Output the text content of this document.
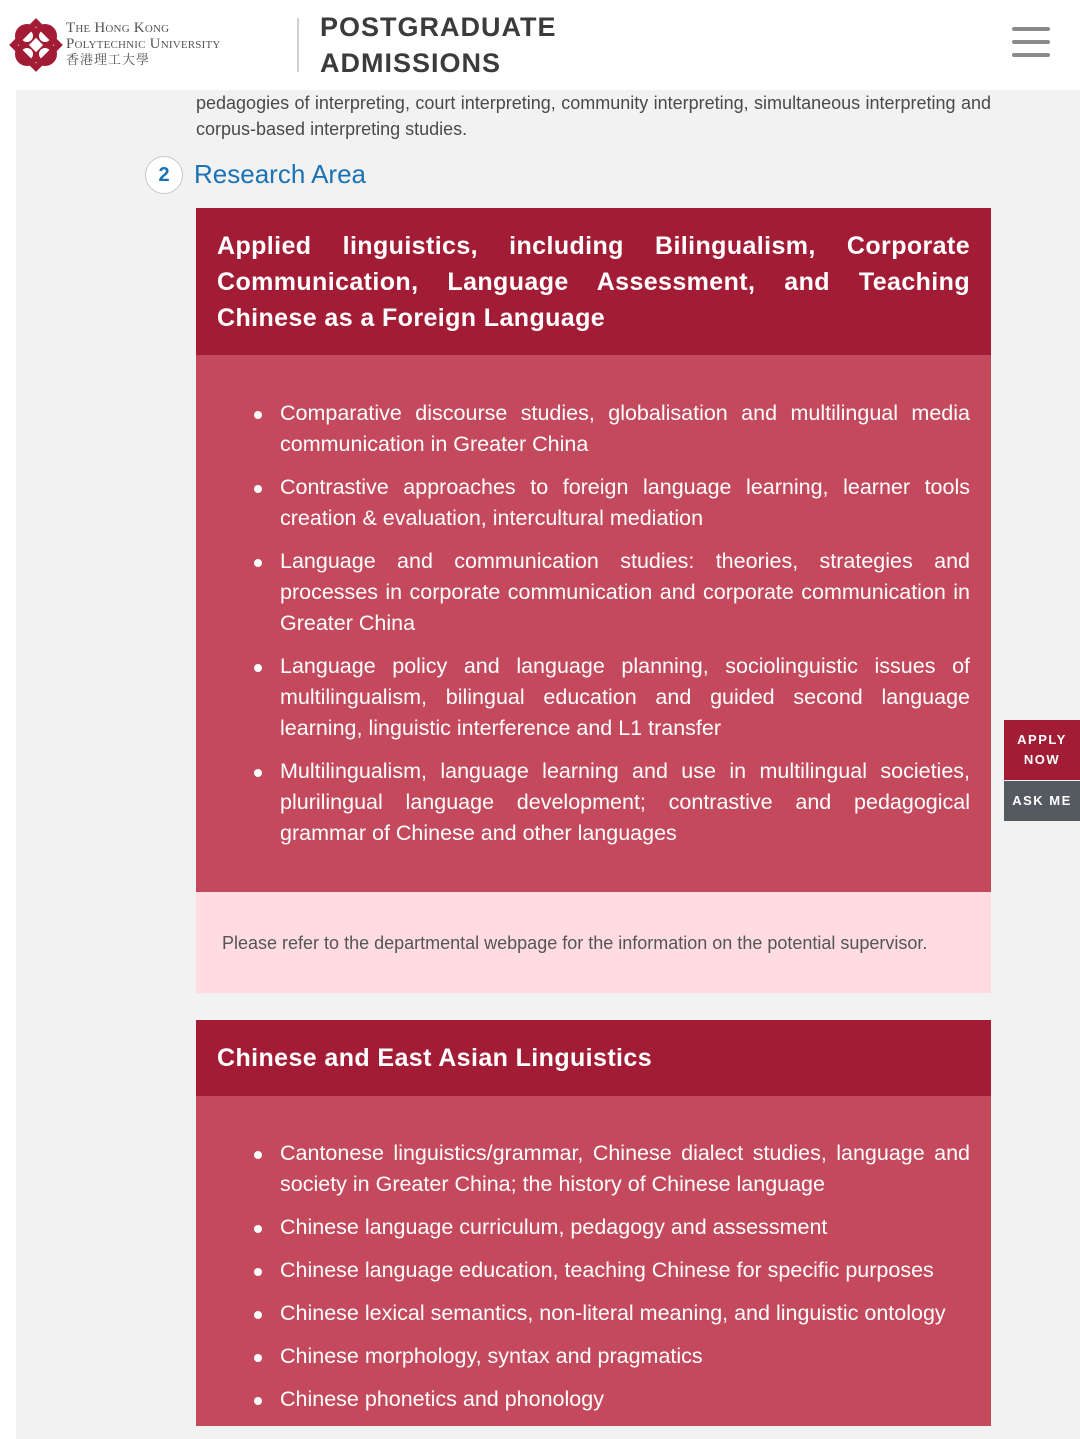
The Hong Kong
Polytechnic University
香港理工大學
POSTGRADUATE
ADMISSIONS
pedagogies of interpreting, court interpreting, community interpreting, simultaneous interpreting and corpus-based interpreting studies.
2 Research Area
Applied linguistics, including Bilingualism, Corporate Communication, Language Assessment, and Teaching Chinese as a Foreign Language
Comparative discourse studies, globalisation and multilingual media communication in Greater China
Contrastive approaches to foreign language learning, learner tools creation & evaluation, intercultural mediation
Language and communication studies: theories, strategies and processes in corporate communication and corporate communication in Greater China
Language policy and language planning, sociolinguistic issues of multilingualism, bilingual education and guided second language learning, linguistic interference and L1 transfer
Multilingualism, language learning and use in multilingual societies, plurilingual language development; contrastive and pedagogical grammar of Chinese and other languages
Please refer to the departmental webpage for the information on the potential supervisor.
Chinese and East Asian Linguistics
Cantonese linguistics/grammar, Chinese dialect studies, language and society in Greater China; the history of Chinese language
Chinese language curriculum, pedagogy and assessment
Chinese language education, teaching Chinese for specific purposes
Chinese lexical semantics, non-literal meaning, and linguistic ontology
Chinese morphology, syntax and pragmatics
Chinese phonetics and phonology
APPLY
NOW
ASK ME
